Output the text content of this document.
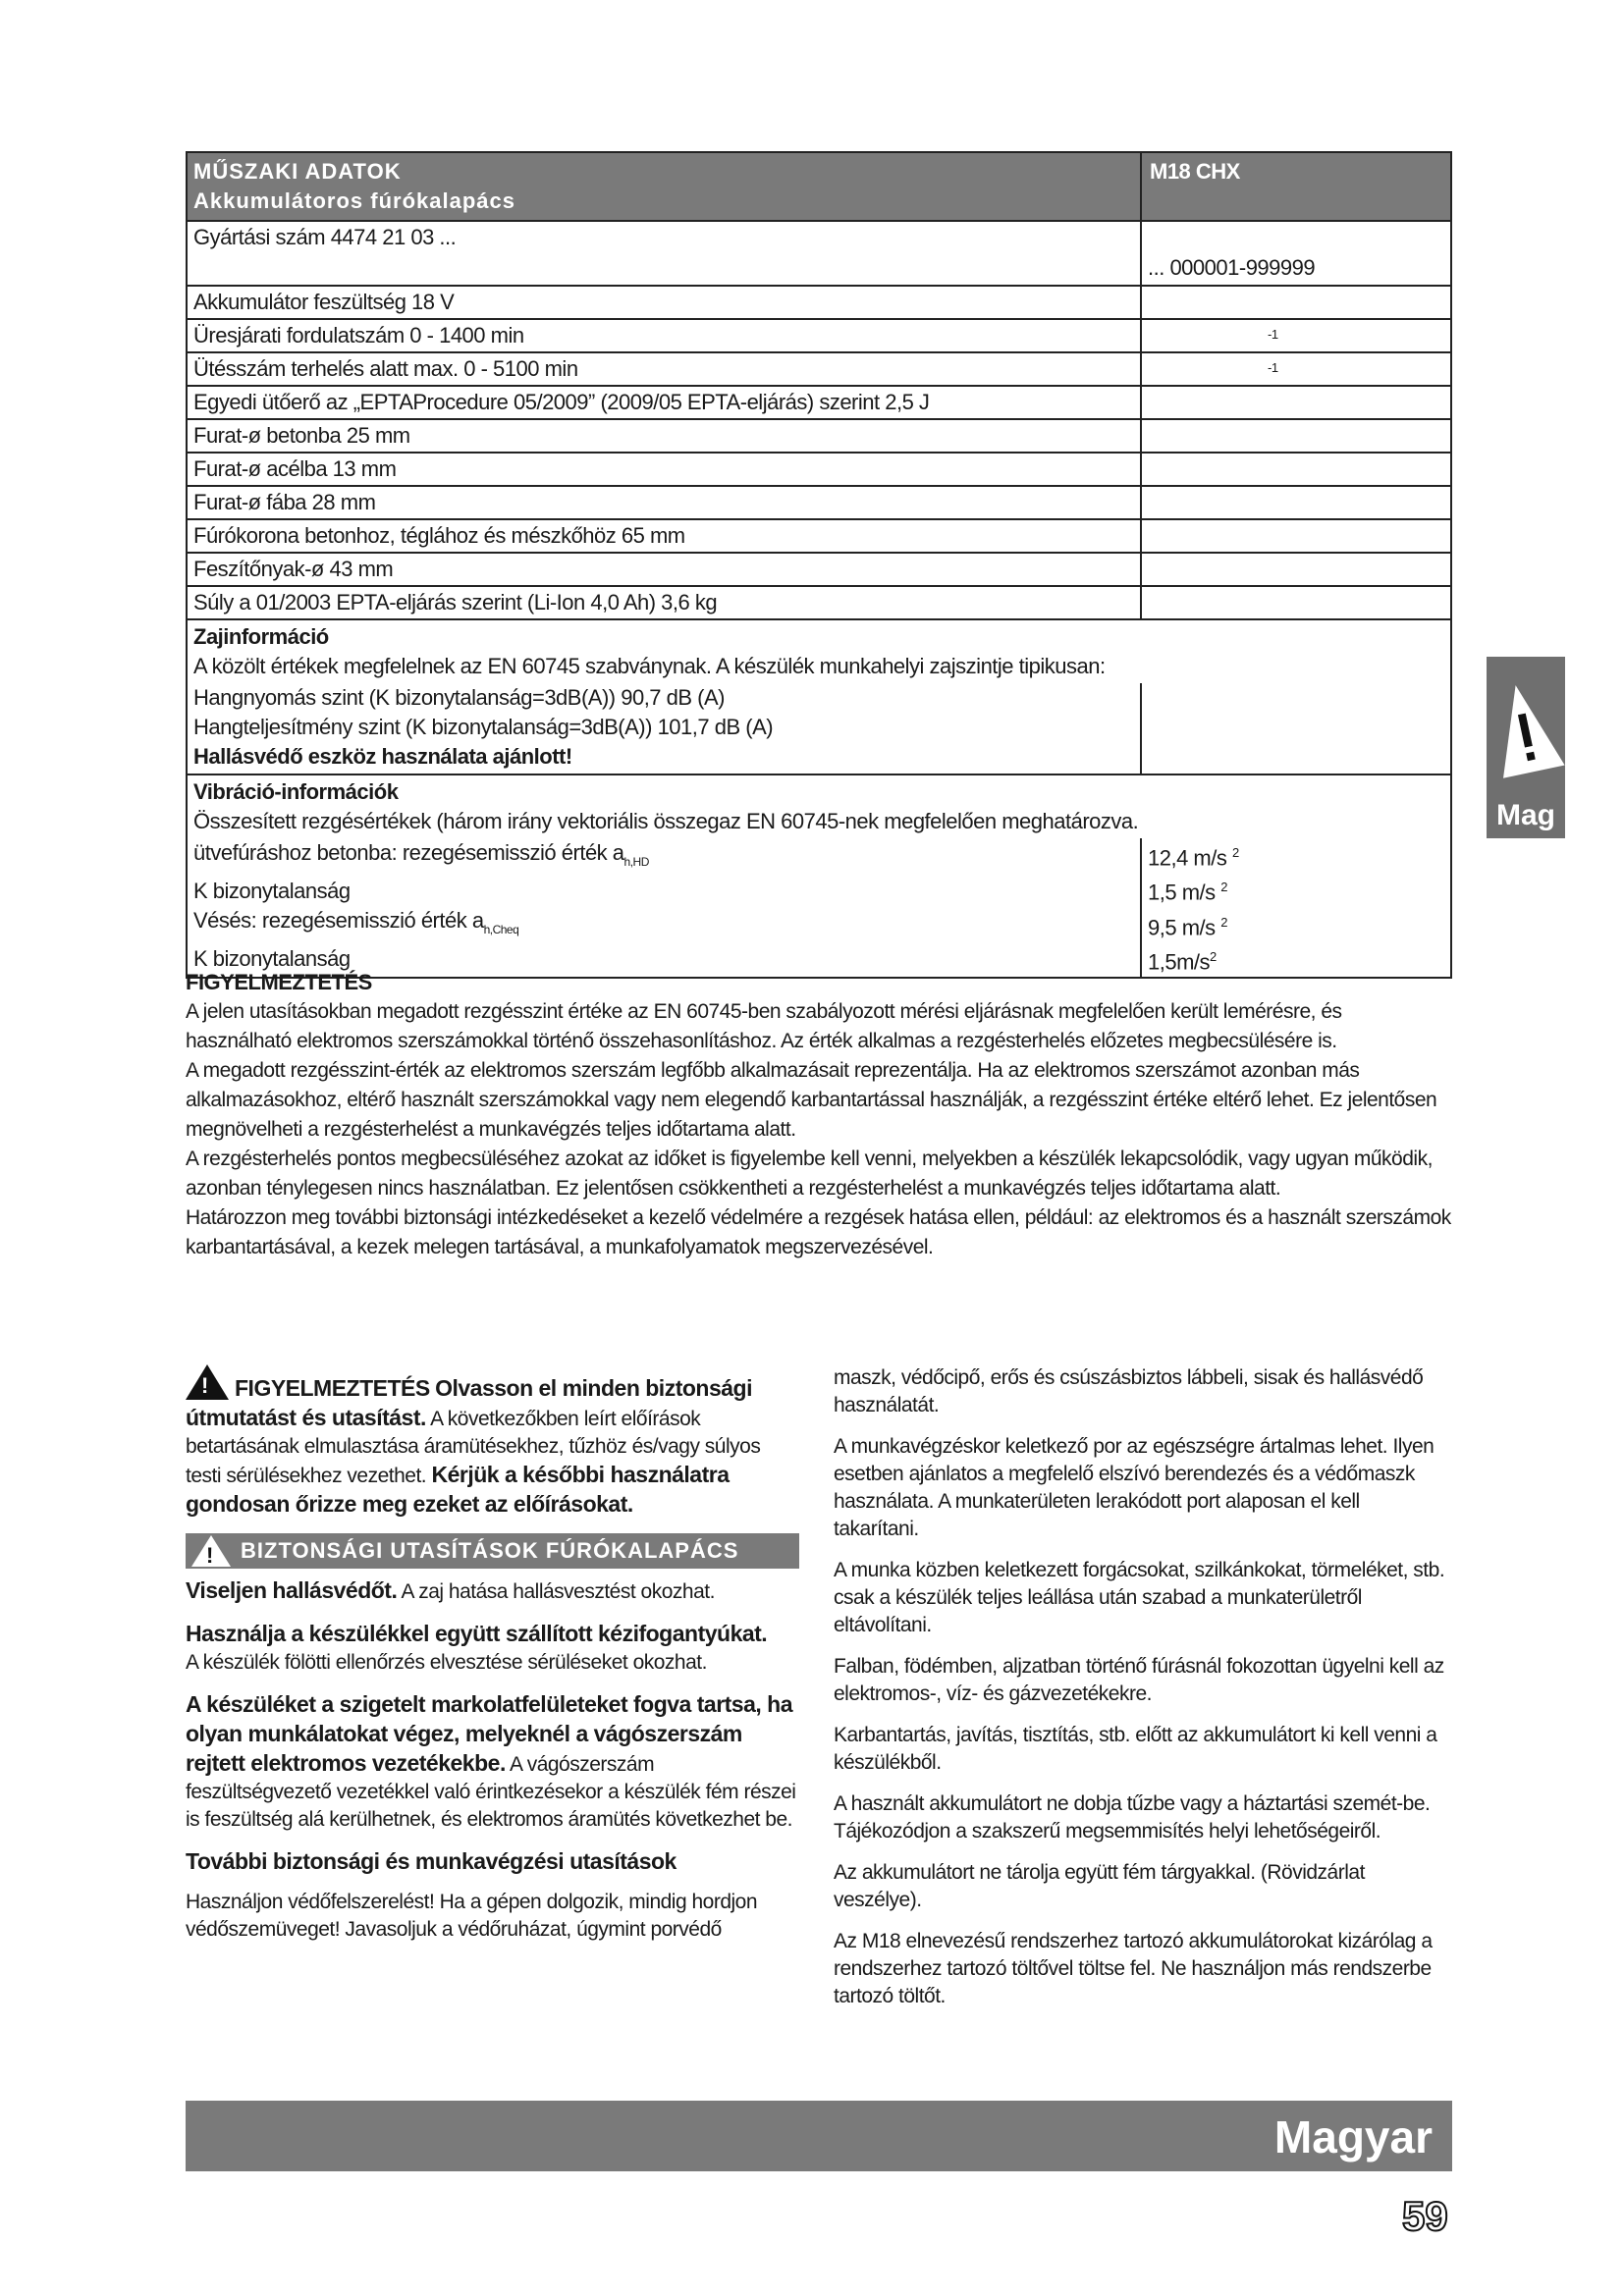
MŰSZAKI ADATOK
Akkumulátoros fúrókalapács
M18 CHX
Gyártási szám 4474 21 03 ...
... 000001-999999
Akkumulátor feszültség 18 V
Üresjárati fordulatszám 0 - 1400 min	-1
Ütésszám terhelés alatt max. 0 - 5100 min	-1
Egyedi ütőerő az „EPTAProcedure 05/2009” (2009/05 EPTA-eljárás) szerint 2,5 J
Furat-ø betonba 25 mm
Furat-ø acélba 13 mm
Furat-ø fába 28 mm
Fúrókorona betonhoz, téglához és mészkőhöz 65 mm
Feszítőnyak-ø 43 mm
Súly a 01/2003 EPTA-eljárás szerint (Li-Ion 4,0 Ah) 3,6 kg
Zajinformáció
A közölt értékek megfelelnek az EN 60745 szabványnak. A készülék munkahelyi zajszintje tipikusan:
Hangnyomás szint (K bizonytalanság=3dB(A)) 90,7 dB (A)
Hangteljesítmény szint (K bizonytalanság=3dB(A)) 101,7 dB (A)
Hallásvédő eszköz használata ajánlott!
Vibráció-információk
Összesített rezgésértékek (három irány vektoriális összegaz EN 60745-nek megfelelően meghatározva.
ütvefúráshoz betonba: rezegésemisszió érték $a_{h,HD}$
K bizonytalanság
Vésés: rezegésemisszió érték $a_{h,Cheq}$
K bizonytalanság
12,4 m/s $^2$
1,5 m/s $^2$
9,5 m/s $^2$
$1,5m/s^2$
FIGYELMEZTETÉS

A jelen utasításokban megadott rezgésszint értéke az EN 60745-ben szabályozott mérési eljárásnak megfelelően került lemérésre, és használható elektromos szerszámokkal történő összehasonlításhoz. Az érték alkalmas a rezgésterhelés előzetes megbecsülésére is.

A megadott rezgésszint-érték az elektromos szerszám legfőbb alkalmazásait reprezentálja. Ha az elektromos szerszámot azonban más alkalmazásokhoz, eltérő használt szerszámokkal vagy nem elegendő karbantartással használják, a rezgésszint értéke eltérő lehet. Ez jelentősen megnövelheti a rezgésterhelést a munkavégzés teljes időtartama alatt.

A rezgésterhelés pontos megbecsüléséhez azokat az időket is figyelembe kell venni, melyekben a készülék lekapcsolódik, vagy ugyan működik, azonban ténylegesen nincs használatban. Ez jelentősen csökkentheti a rezgésterhelést a munkavégzés teljes időtartama alatt.

Határozzon meg további biztonsági intézkedéseket a kezelő védelmére a rezgések hatása ellen, például: az elektromos és a használt szerszámok karbantartásával, a kezek melegen tartásával, a munkafolyamatok megszervezésével.

! FIGYELMEZTETÉS Olvasson el minden biztonsági útmutatást és utasítást. A következőkben leírt előírások betartásának elmulasztása áramütésekhez, tűzhöz és/vagy súlyos testi sérülésekhez vezethet. Kérjük a későbbi használatra gondosan őrizze meg ezeket az előírásokat.

! BIZTONSÁGI UTASÍTÁSOK FÚRÓKALAPÁCS

Viseljen hallásvédőt. A zaj hatása hallásvesztést okozhat.

Használja a készülékkel együtt szállított kézifogantyúkat.
A készülék fölötti ellenőrzés elvesztése sérüléseket okozhat.

A készüléket a szigetelt markolatfelületeket fogva tartsa, ha olyan munkálatokat végez, melyeknél a vágószerszám rejtett elektromos vezetékekbe. A vágószerszám feszültségvezető vezetékkel való érintkezésekor a készülék fém részei is feszültség alá kerülhetnek, és elektromos áramütés következhet be.

További biztonsági és munkavégzési utasítások

Használjon védőfelszerelést! Ha a gépen dolgozik, mindig hordjon védőszemüveget! Javasoljuk a védőruházat, úgymint porvédő

maszk, védőcipő, erős és csúszásbiztos lábbeli, sisak és hallásvédő használatát.

A munkavégzéskor keletkező por az egészségre ártalmas lehet. Ilyen esetben ajánlatos a megfelelő elszívó berendezés és a védőmaszk használata. A munkaterületen lerakódott port alaposan el kell takarítani.

A munka közben keletkezett forgácsokat, szilkánkokat, törmeléket, stb. csak a készülék teljes leállása után szabad a munkaterületről eltávolítani.

Falban, födémben, aljzatban történő fúrásnál fokozottan ügyelni kell az elektromos-, víz- és gázvezetékekre.

Karbantartás, javítás, tisztítás, stb. előtt az akkumulátort ki kell venni a készülékből.

A használt akkumulátort ne dobja tűzbe vagy a háztartási szemét-be. Tájékozódjon a szakszerű megsemmisítés helyi lehetőségeiről.

Az akkumulátort ne tárolja együtt fém tárgyakkal. (Rövidzárlat veszélye).

Az M18 elnevezésű rendszerhez tartozó akkumulátorokat kizárólag a rendszerhez tartozó töltővel töltse fel. Ne használjon más rendszerbe tartozó töltőt.

Mag
Magyar
59
